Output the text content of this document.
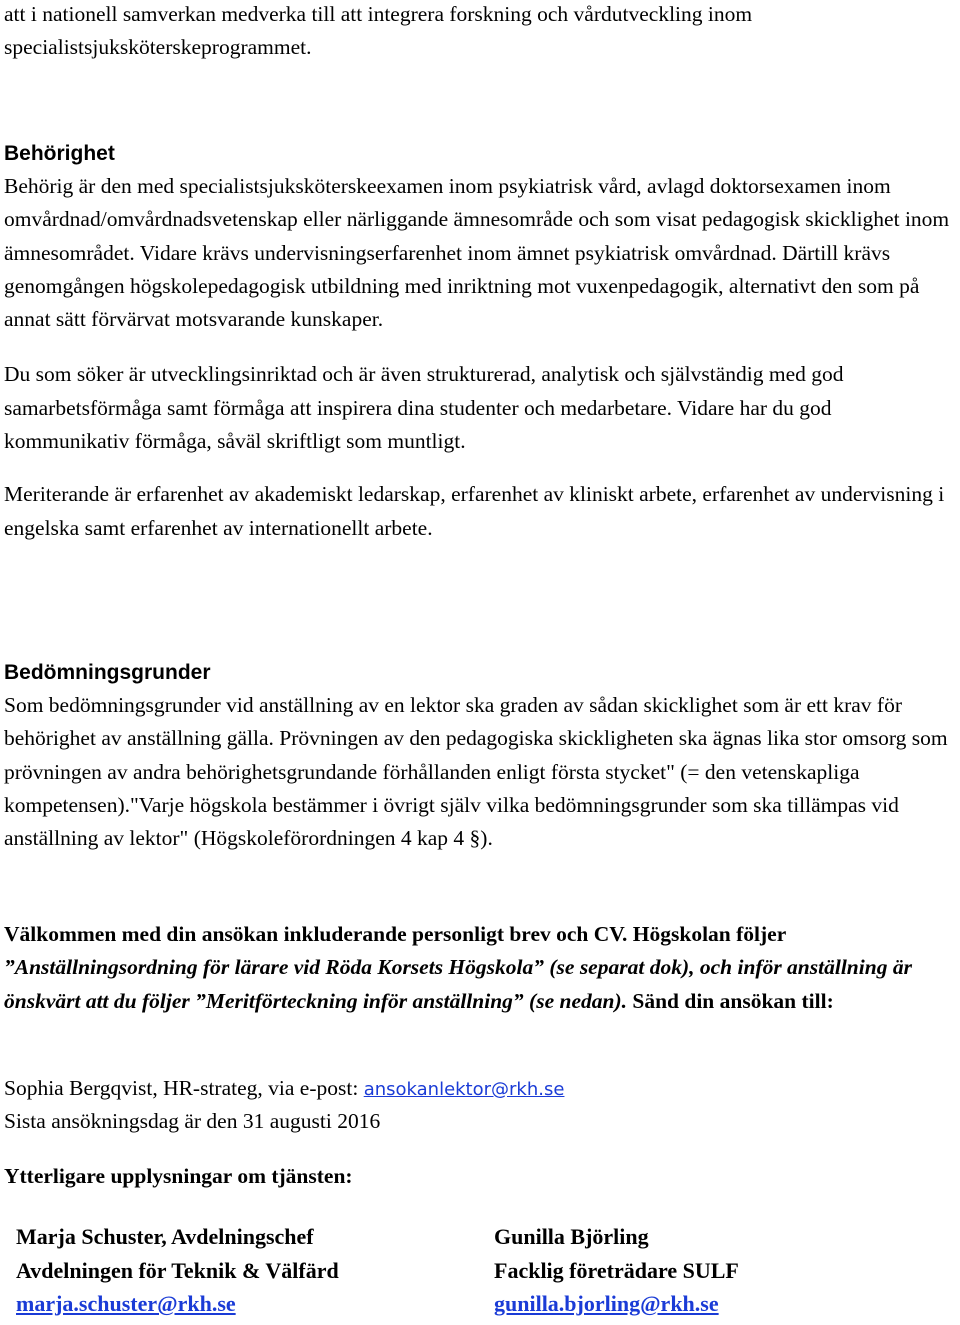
att i nationell samverkan medverka till att integrera forskning och vårdutveckling inom

specialistsjuksköterskeprogrammet.

Behörighet

Behörig är den med specialistsjuksköterskeexamen inom psykiatrisk vård, avlagd doktorsexamen inom omvårdnad/omvårdnadsvetenskap eller närliggande ämnesområde och som visat pedagogisk skicklighet inom ämnesområdet. Vidare krävs undervisningserfarenhet inom ämnet psykiatrisk omvårdnad. Därtill krävs genomgången högskolepedagogisk utbildning med inriktning mot vuxenpedagogik, alternativt den som på annat sätt förvärvat motsvarande kunskaper.

Du som söker är utvecklingsinriktad och är även strukturerad, analytisk och självständig med god samarbetsförmåga samt förmåga att inspirera dina studenter och medarbetare. Vidare har du god kommunikativ förmåga, såväl skriftligt som muntligt.

Meriterande är erfarenhet av akademiskt ledarskap, erfarenhet av kliniskt arbete, erfarenhet av undervisning i engelska samt erfarenhet av internationellt arbete.

Bedömningsgrunder

Som bedömningsgrunder vid anställning av en lektor ska graden av sådan skicklighet som är ett krav för behörighet av anställning gälla. Prövningen av den pedagogiska skickligheten ska ägnas lika stor omsorg som prövningen av andra behörighetsgrundande förhållanden enligt första stycket" (= den vetenskapliga kompetensen)."Varje högskola bestämmer i övrigt själv vilka bedömningsgrunder som ska tillämpas vid anställning av lektor" (Högskoleförordningen 4 kap 4 §).

Välkommen med din ansökan inkluderande personligt brev och CV. Högskolan följer ”Anställningsordning för lärare vid Röda Korsets Högskola” (se separat dok), och inför anställning är önskvärt att du följer ”Meritförteckning inför anställning” (se nedan). Sänd din ansökan till:

Sophia Bergqvist, HR-strateg, via e-post: ansokanlektor@rkh.se

Sista ansökningsdag är den 31 augusti 2016

Ytterligare upplysningar om tjänsten:

Marja Schuster, Avdelningschef
Avdelningen för Teknik & Välfärd
marja.schuster@rkh.se
Gunilla Björling
Facklig företrädare SULF
gunilla.bjorling@rkh.se
